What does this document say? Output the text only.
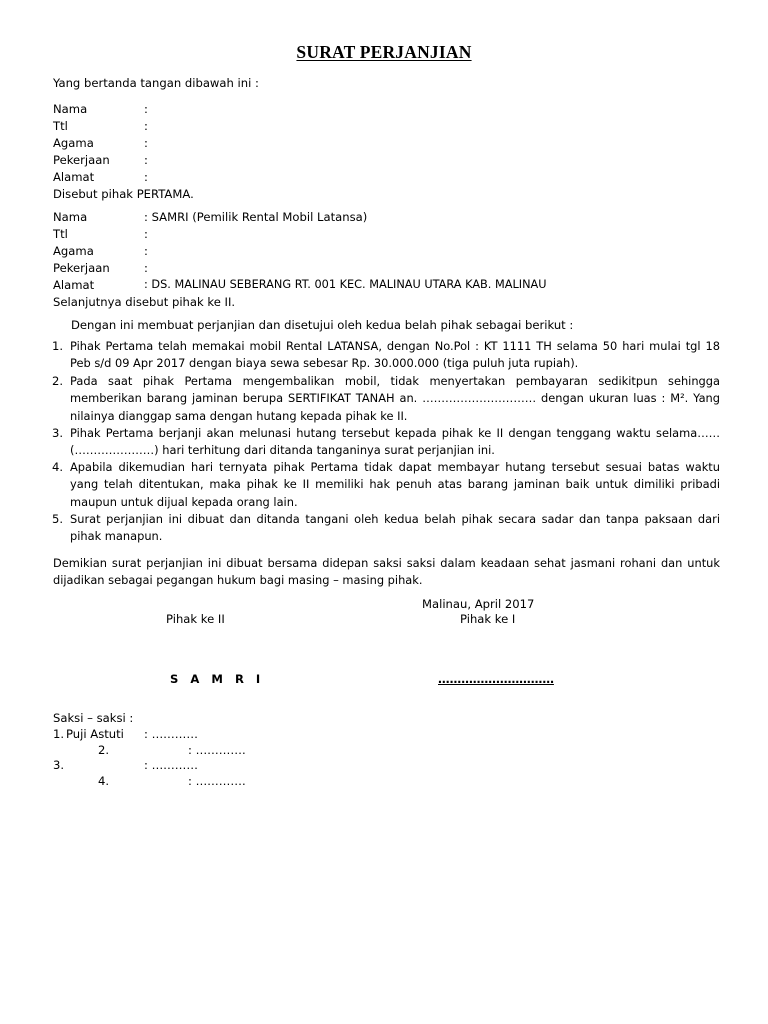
SURAT PERJANJIAN
Yang bertanda tangan dibawah ini :
Nama	:
Ttl	:
Agama	:
Pekerjaan	:
Alamat	:
Disebut pihak PERTAMA.
Nama	: SAMRI (Pemilik Rental Mobil Latansa)
Ttl	:
Agama	:
Pekerjaan	:
Alamat	: DS. MALINAU SEBERANG RT. 001 KEC. MALINAU UTARA KAB. MALINAU
Selanjutnya disebut pihak ke II.
Dengan ini membuat perjanjian dan disetujui oleh kedua belah pihak sebagai berikut :
1. Pihak Pertama telah memakai mobil Rental LATANSA, dengan No.Pol : KT 1111 TH selama 50 hari mulai tgl 18 Peb s/d 09 Apr 2017 dengan biaya sewa sebesar Rp. 30.000.000 (tiga puluh juta rupiah).
2. Pada saat pihak Pertama mengembalikan mobil, tidak menyertakan pembayaran sedikitpun sehingga memberikan barang jaminan berupa SERTIFIKAT TANAH an. ………………………… dengan ukuran luas : M². Yang nilainya dianggap sama dengan hutang kepada pihak ke II.
3. Pihak Pertama berjanji akan melunasi hutang tersebut kepada pihak ke II dengan tenggang waktu selama…… (…………………) hari terhitung dari ditanda tanganinya surat perjanjian ini.
4. Apabila dikemudian hari ternyata pihak Pertama tidak dapat membayar hutang tersebut sesuai batas waktu yang telah ditentukan, maka pihak ke II memiliki hak penuh atas barang jaminan baik untuk dimiliki pribadi maupun untuk dijual kepada orang lain.
5. Surat perjanjian ini dibuat dan ditanda tangani oleh kedua belah pihak secara sadar dan tanpa paksaan dari pihak manapun.
Demikian surat perjanjian ini dibuat bersama didepan saksi saksi dalam keadaan sehat jasmani rohani dan untuk dijadikan sebagai pegangan hukum bagi masing – masing pihak.
Malinau, April 2017
Pihak ke II	Pihak ke I
S A M R I	…………………………
Saksi – saksi :
1. Puji Astuti : …………
2.	: ………….
3.	: …………
4.	: ………….
